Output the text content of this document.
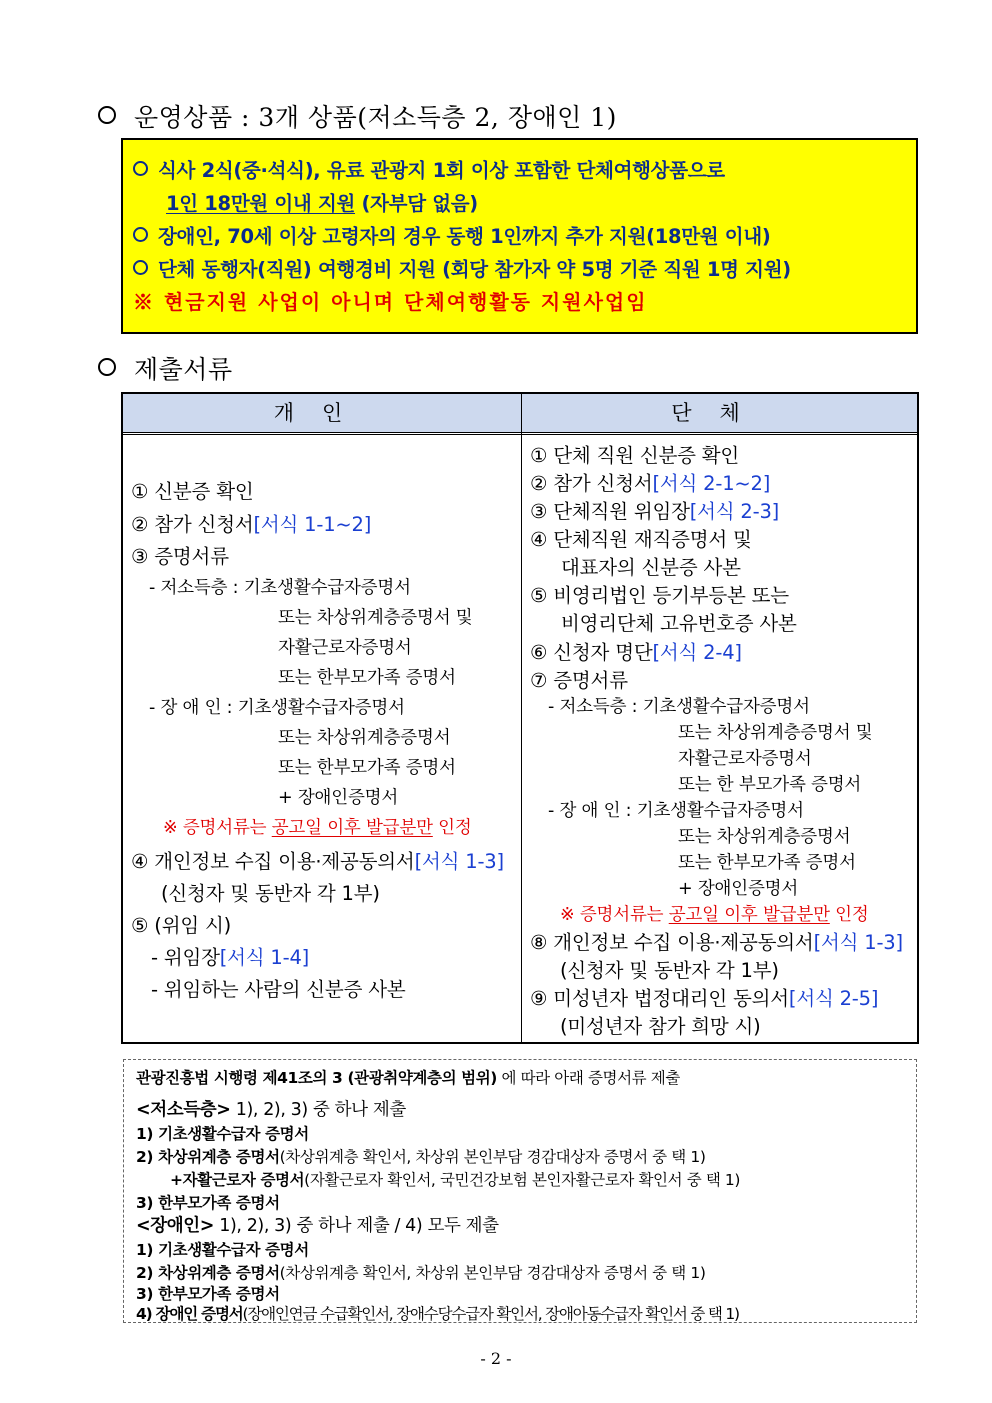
운영상품 : 3개 상품(저소득층 2, 장애인 1)
식사 2식(중·석식), 유료 관광지 1회 이상 포함한 단체여행상품으로
1인 18만원 이내 지원 (자부담 없음)
장애인, 70세 이상 고령자의 경우 동행 1인까지 추가 지원(18만원 이내)
단체 동행자(직원) 여행경비 지원 (회당 참가자 약 5명 기준 직원 1명 지원)
※ 현금지원 사업이 아니며 단체여행활동 지원사업임
제출서류
개인	단체
① 신분증 확인
② 참가 신청서[서식 1-1~2]
③ 증명서류
- 저소득층 : 기초생활수급자증명서
또는 차상위계층증명서 및
자활근로자증명서
또는 한부모가족 증명서
- 장 애 인 : 기초생활수급자증명서
또는 차상위계층증명서
또는 한부모가족 증명서
+ 장애인증명서
※ 증명서류는 공고일 이후 발급분만 인정
④ 개인정보 수집 이용·제공동의서[서식 1-3]
(신청자 및 동반자 각 1부)
⑤ (위임 시)
- 위임장[서식 1-4]
- 위임하는 사람의 신분증 사본
① 단체 직원 신분증 확인
② 참가 신청서[서식 2-1~2]
③ 단체직원 위임장[서식 2-3]
④ 단체직원 재직증명서 및
대표자의 신분증 사본
⑤ 비영리법인 등기부등본 또는
비영리단체 고유번호증 사본
⑥ 신청자 명단[서식 2-4]
⑦ 증명서류
- 저소득층 : 기초생활수급자증명서
또는 차상위계층증명서 및
자활근로자증명서
또는 한 부모가족 증명서
- 장 애 인 : 기초생활수급자증명서
또는 차상위계층증명서
또는 한부모가족 증명서
+ 장애인증명서
※ 증명서류는 공고일 이후 발급분만 인정
⑧ 개인정보 수집 이용·제공동의서[서식 1-3]
(신청자 및 동반자 각 1부)
⑨ 미성년자 법정대리인 동의서[서식 2-5]
(미성년자 참가 희망 시)
관광진흥법 시행령 제41조의 3 (관광취약계층의 범위) 에 따라 아래 증명서류 제출
<저소득층> 1), 2), 3) 중 하나 제출
1) 기초생활수급자 증명서
2) 차상위계층 증명서(차상위계층 확인서, 차상위 본인부담 경감대상자 증명서 중 택 1)
+자활근로자 증명서(자활근로자 확인서, 국민건강보험 본인자활근로자 확인서 중 택 1)
3) 한부모가족 증명서
<장애인> 1), 2), 3) 중 하나 제출 / 4) 모두 제출
1) 기초생활수급자 증명서
2) 차상위계층 증명서(차상위계층 확인서, 차상위 본인부담 경감대상자 증명서 중 택 1)
3) 한부모가족 증명서
4) 장애인 증명서(장애인연금 수급확인서, 장애수당수급자 확인서, 장애아동수급자 확인서 중 택 1)
- 2 -
